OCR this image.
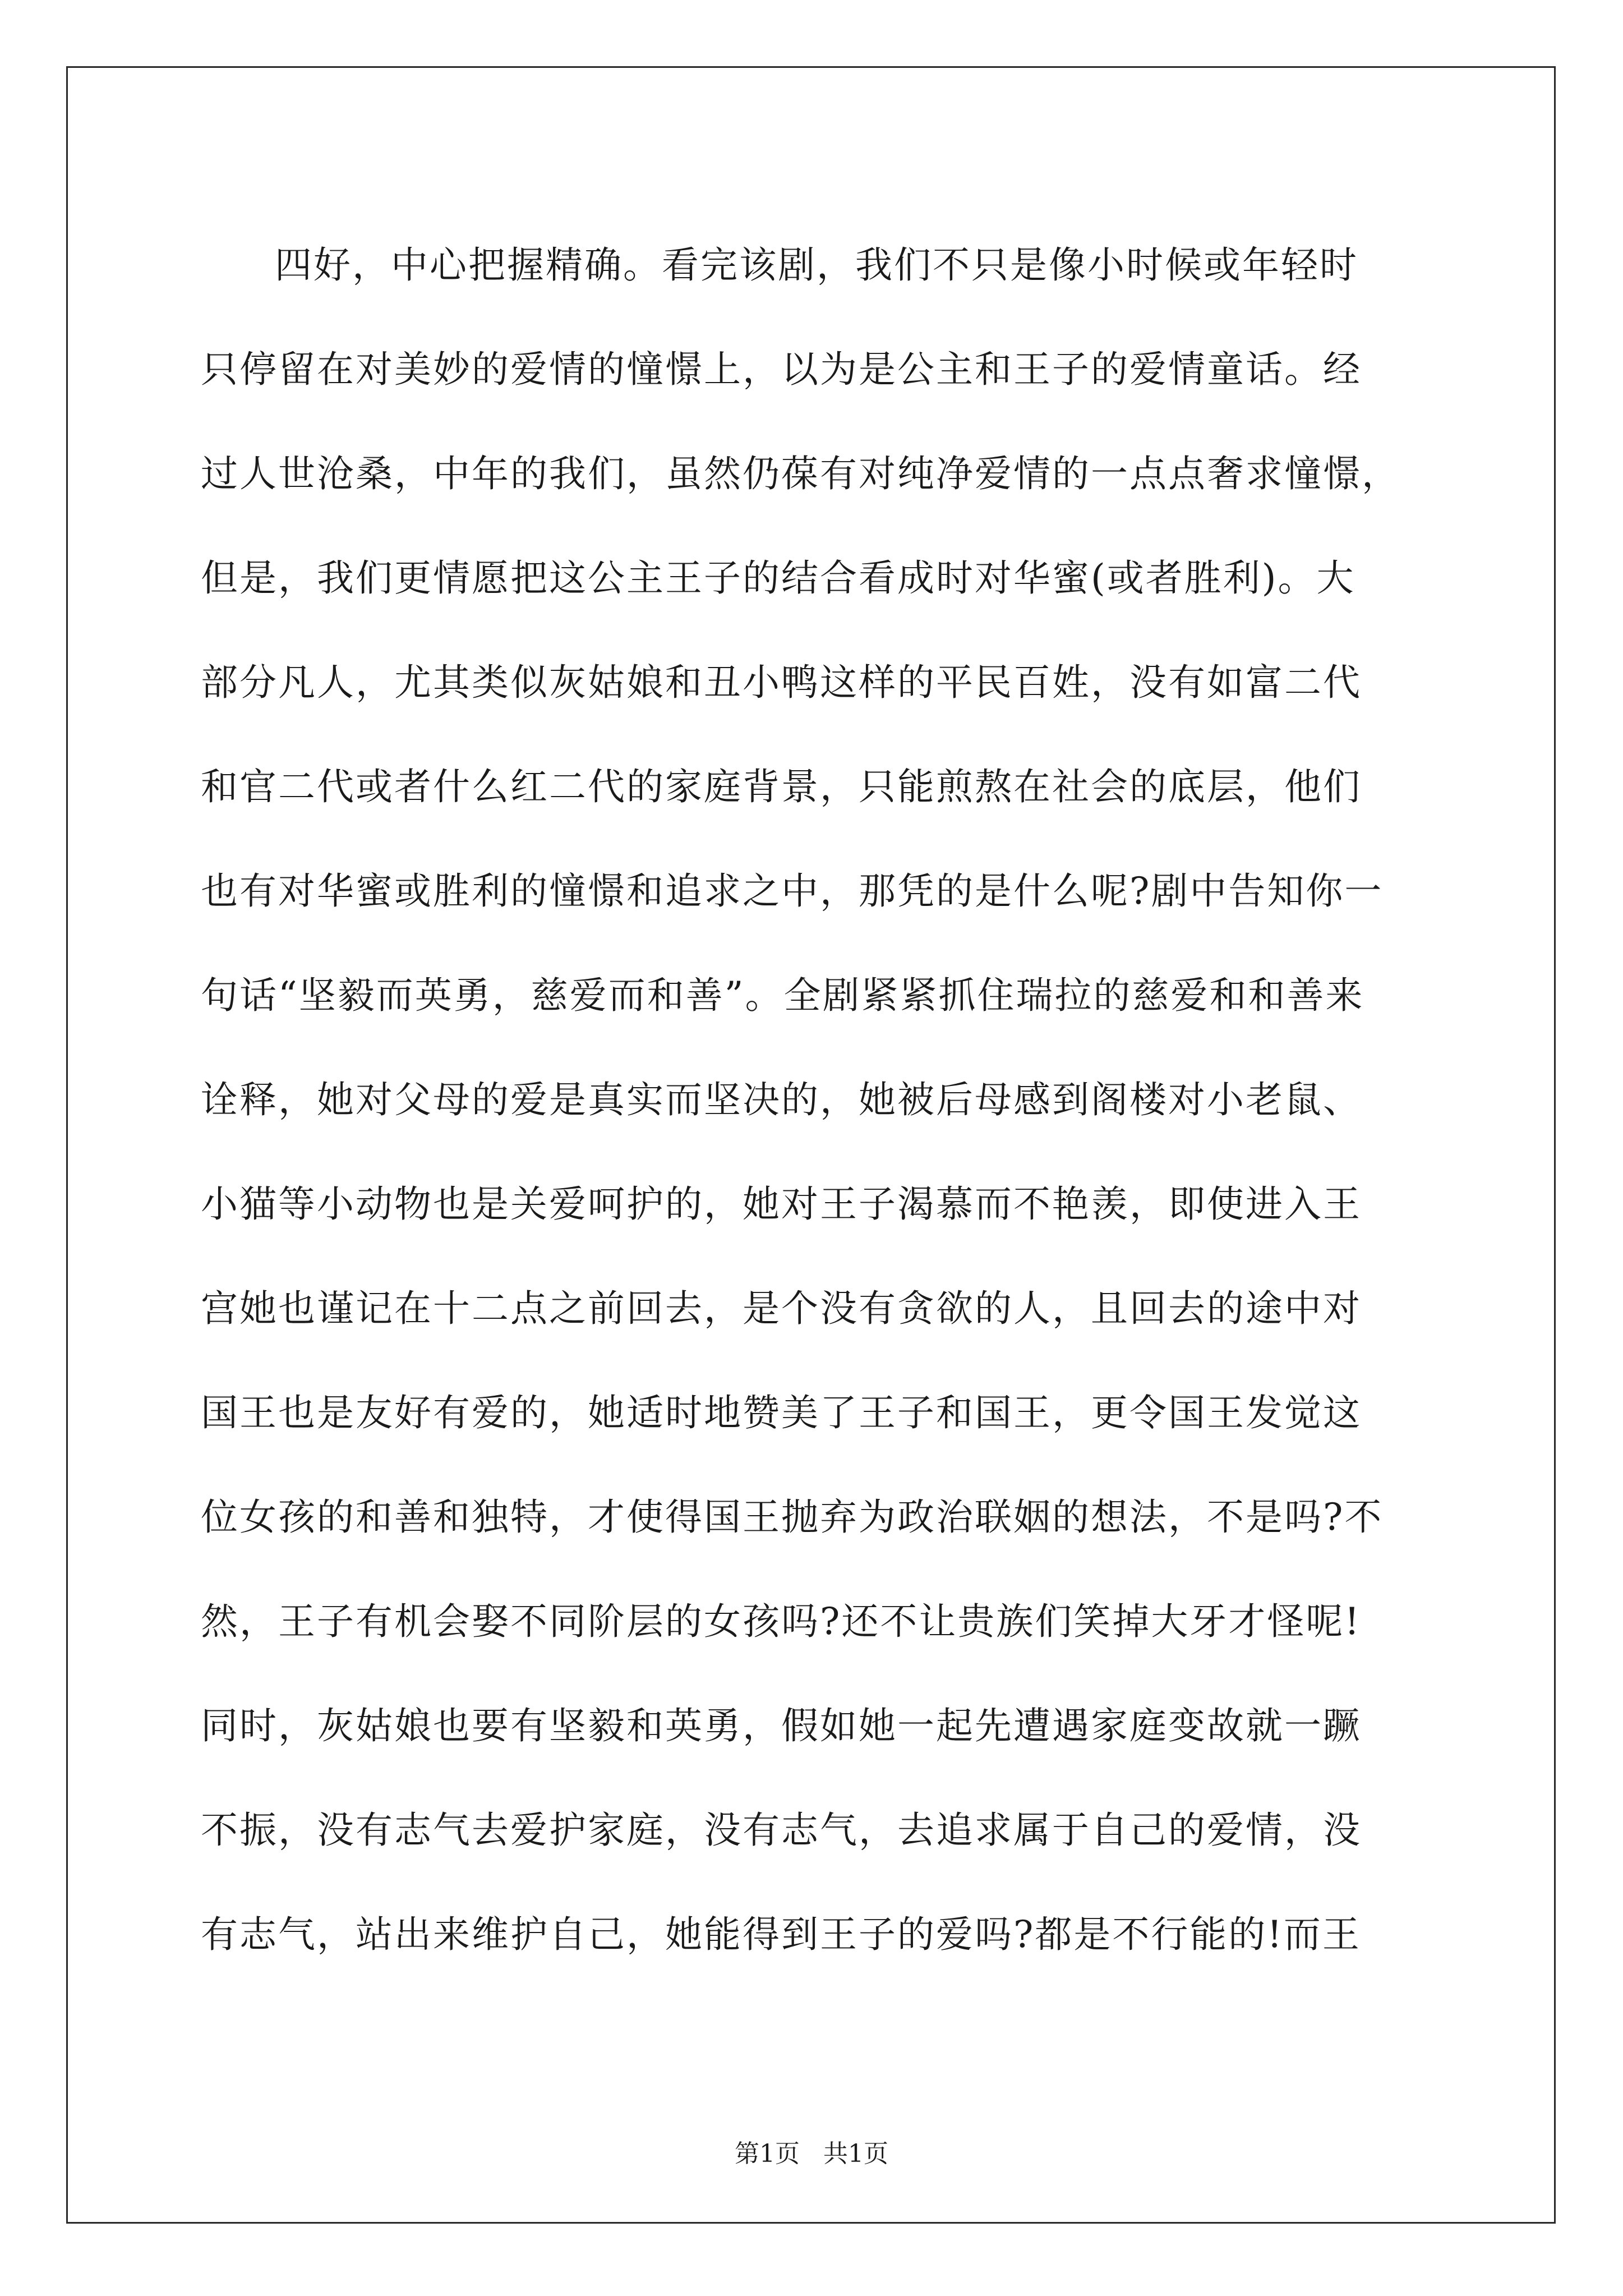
四好，中心把握精确。看完该剧，我们不只是像小时候或年轻时
只停留在对美妙的爱情的憧憬上，以为是公主和王子的爱情童话。经
过人世沧桑，中年的我们，虽然仍葆有对纯净爱情的一点点奢求憧憬，
但是，我们更情愿把这公主王子的结合看成时对华蜜(或者胜利)。大
部分凡人，尤其类似灰姑娘和丑小鸭这样的平民百姓，没有如富二代
和官二代或者什么红二代的家庭背景，只能煎熬在社会的底层，他们
也有对华蜜或胜利的憧憬和追求之中，那凭的是什么呢?剧中告知你一
句话“坚毅而英勇，慈爱而和善”。全剧紧紧抓住瑞拉的慈爱和和善来
诠释，她对父母的爱是真实而坚决的，她被后母感到阁楼对小老鼠、
小猫等小动物也是关爱呵护的，她对王子渴慕而不艳羡，即使进入王
宫她也谨记在十二点之前回去，是个没有贪欲的人，且回去的途中对
国王也是友好有爱的，她适时地赞美了王子和国王，更令国王发觉这
位女孩的和善和独特，才使得国王抛弃为政治联姻的想法，不是吗?不
然，王子有机会娶不同阶层的女孩吗?还不让贵族们笑掉大牙才怪呢!
同时，灰姑娘也要有坚毅和英勇，假如她一起先遭遇家庭变故就一蹶
不振，没有志气去爱护家庭，没有志气，去追求属于自己的爱情，没
有志气，站出来维护自己，她能得到王子的爱吗?都是不行能的!而王
第1页   共1页
